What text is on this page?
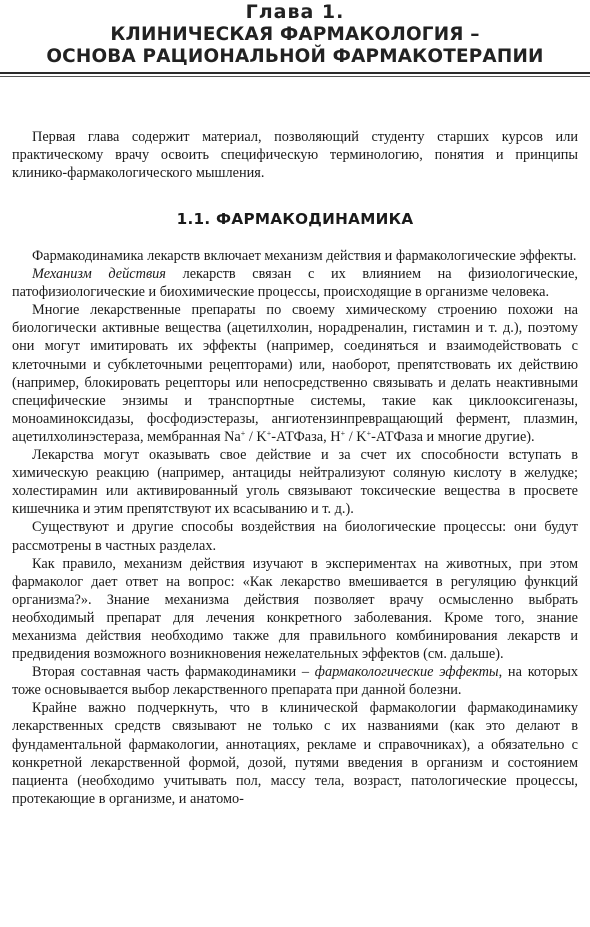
Глава 1.
КЛИНИЧЕСКАЯ ФАРМАКОЛОГИЯ –
ОСНОВА РАЦИОНАЛЬНОЙ ФАРМАКОТЕРАПИИ

Первая глава содержит материал, позволяющий студенту старших курсов или практическому врачу освоить специфическую терминологию, понятия и принципы клинико-фармакологического мышления.

1.1. ФАРМАКОДИНАМИКА

Фармакодинамика лекарств включает механизм действия и фармакологические эффекты.

Механизм действия лекарств связан с их влиянием на физиологические, патофизиологические и биохимические процессы, происходящие в организме человека.

Многие лекарственные препараты по своему химическому строению похожи на биологически активные вещества (ацетилхолин, норадреналин, гистамин и т. д.), поэтому они могут имитировать их эффекты (например, соединяться и взаимодействовать с клеточными и субклеточными рецепторами) или, наоборот, препятствовать их действию (например, блокировать рецепторы или непосредственно связывать и делать неактивными специфические энзимы и транспортные системы, такие как циклооксигеназы, моноаминоксидазы, фосфодиэстеразы, ангиотензинпревращающий фермент, плазмин, ацетилхолинэстераза, мембранная Na+ / K+-АТФаза, H+ / K+-АТФаза и многие другие).

Лекарства могут оказывать свое действие и за счет их способности вступать в химическую реакцию (например, антациды нейтрализуют соляную кислоту в желудке; холестирамин или активированный уголь связывают токсические вещества в просвете кишечника и этим препятствуют их всасыванию и т. д.).

Существуют и другие способы воздействия на биологические процессы: они будут рассмотрены в частных разделах.

Как правило, механизм действия изучают в экспериментах на животных, при этом фармаколог дает ответ на вопрос: «Как лекарство вмешивается в регуляцию функций организма?». Знание механизма действия позволяет врачу осмысленно выбрать необходимый препарат для лечения конкретного заболевания. Кроме того, знание механизма действия необходимо также для правильного комбинирования лекарств и предвидения возможного возникновения нежелательных эффектов (см. дальше).

Вторая составная часть фармакодинамики – фармакологические эффекты, на которых тоже основывается выбор лекарственного препарата при данной болезни.

Крайне важно подчеркнуть, что в клинической фармакологии фармакодинамику лекарственных средств связывают не только с их названиями (как это делают в фундаментальной фармакологии, аннотациях, рекламе и справочниках), а обязательно с конкретной лекарственной формой, дозой, путями введения в организм и состоянием пациента (необходимо учитывать пол, массу тела, возраст, патологические процессы, протекающие в организме, и анатомо-
